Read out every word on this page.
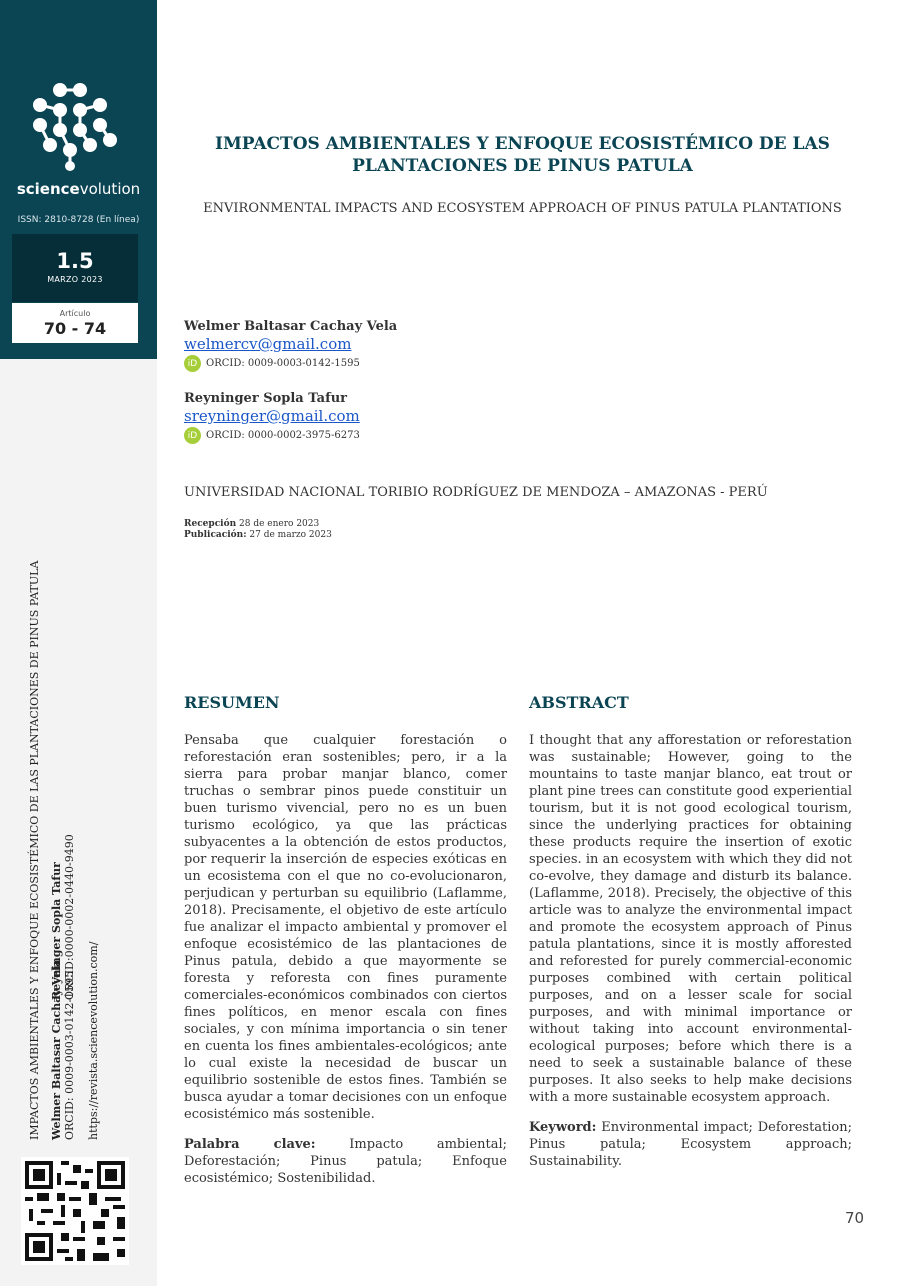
sciencevolution
ISSN: 2810-8728 (En línea)
1.5
MARZO 2023
Artículo
70 - 74
IMPACTOS AMBIENTALES Y ENFOQUE ECOSISTÉMICO DE LAS PLANTACIONES DE PINUS PATULA Welmer Baltasar Cachay Vela ORCID: 0009-0003-0142-1595
Reyninger Sopla Tafur ORCID:0000-0002-0440-9490
https://revista.sciencevolution.com/
IMPACTOS AMBIENTALES Y ENFOQUE ECOSISTÉMICO DE LAS PLANTACIONES DE PINUS PATULA
ENVIRONMENTAL IMPACTS AND ECOSYSTEM APPROACH OF PINUS PATULA PLANTATIONS
Welmer Baltasar Cachay Vela
welmercv@gmail.com
iD ORCID: 0009-0003-0142-1595
Reyninger Sopla Tafur
sreyninger@gmail.com
iD ORCID: 0000-0002-3975-6273
UNIVERSIDAD NACIONAL TORIBIO RODRÍGUEZ DE MENDOZA – AMAZONAS - PERÚ
Recepción 28 de enero 2023
Publicación: 27 de marzo 2023
RESUMEN
Pensaba que cualquier forestación o reforestación eran sostenibles; pero, ir a la sierra para probar manjar blanco, comer truchas o sembrar pinos puede constituir un buen turismo vivencial, pero no es un buen turismo ecológico, ya que las prácticas subyacentes a la obtención de estos productos, por requerir la inserción de especies exóticas en un ecosistema con el que no co-evolucionaron, perjudican y perturban su equilibrio (Laflamme, 2018). Precisamente, el objetivo de este artículo fue analizar el impacto ambiental y promover el enfoque ecosistémico de las plantaciones de Pinus patula, debido a que mayormente se foresta y reforesta con fines puramente comerciales-económicos combinados con ciertos fines políticos, en menor escala con fines sociales, y con mínima importancia o sin tener en cuenta los fines ambientales-ecológicos; ante lo cual existe la necesidad de buscar un equilibrio sostenible de estos fines. También se busca ayudar a tomar decisiones con un enfoque ecosistémico más sostenible.
Palabra clave:	Impacto ambiental; Deforestación; Pinus patula; Enfoque ecosistémico; Sostenibilidad.
ABSTRACT
I thought that any afforestation or reforestation was sustainable; However, going to the mountains to taste manjar blanco, eat trout or plant pine trees can constitute good experiential tourism, but it is not good ecological tourism, since the underlying practices for obtaining these products require the insertion of exotic species. in an ecosystem with which they did not co-evolve, they damage and disturb its balance. (Laflamme, 2018). Precisely, the objective of this article was to analyze the environmental impact and promote the ecosystem approach of Pinus patula plantations, since it is mostly afforested and reforested for purely commercial-economic purposes combined with certain political purposes, and on a lesser scale for social purposes, and with minimal importance or without taking into account environmental-ecological purposes; before which there is a need to seek a sustainable balance of these purposes. It also seeks to help make decisions with a more sustainable ecosystem approach.
Keyword: Environmental impact; Deforestation; Pinus patula; Ecosystem approach; Sustainability.
70
